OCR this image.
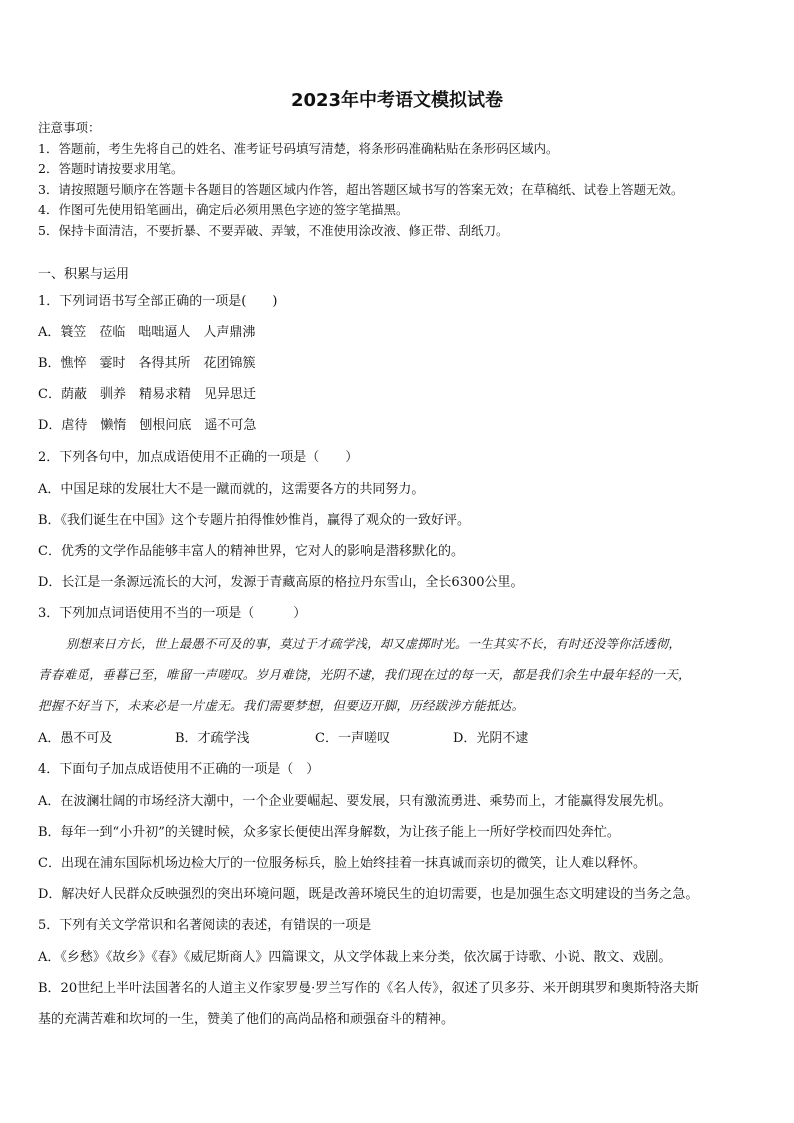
2023年中考语文模拟试卷
注意事项：
1．答题前，考生先将自己的姓名、准考证号码填写清楚，将条形码准确粘贴在条形码区域内。
2．答题时请按要求用笔。
3．请按照题号顺序在答题卡各题目的答题区域内作答，超出答题区域书写的答案无效；在草稿纸、试卷上答题无效。
4．作图可先使用铅笔画出，确定后必须用黑色字迹的签字笔描黑。
5．保持卡面清洁，不要折暴、不要弄破、弄皱，不准使用涂改液、修正带、刮纸刀。
一、积累与运用
1．下列词语书写全部正确的一项是(　　)
A．簑笠　莅临　咄咄逼人　人声鼎沸
B．憔悴　霎时　各得其所　花团锦簇
C．荫蔽　驯养　精易求精　见异思迁
D．虐待　懒惰　刨根问底　遥不可急
2．下列各句中，加点成语使用不正确的一项是（　　）
A．中国足球的发展壮大不是一蹴而就的，这需要各方的共同努力。
B．《我们诞生在中国》这个专题片拍得惟妙惟肖，赢得了观众的一致好评。
C．优秀的文学作品能够丰富人的精神世界，它对人的影响是潜移默化的。
D．长江是一条源远流长的大河，发源于青藏高原的格拉丹东雪山，全长6300公里。
3．下列加点词语使用不当的一项是（　　　）
别想来日方长，世上最愚不可及的事，莫过于才疏学浅，却又虚掷时光。一生其实不长，有时还没等你活透彻，
青春难觅，垂暮已至，唯留一声嗟叹。岁月难饶，光阴不逮，我们现在过的每一天，都是我们余生中最年轻的一天，
把握不好当下，未来必是一片虚无。我们需要梦想，但要迈开脚，历经跋涉方能抵达。
A．愚不可及	B．才疏学浅	C．一声嗟叹	D．光阴不逮
4．下面句子加点成语使用不正确的一项是（　）
A．在波澜壮阔的市场经济大潮中，一个企业要崛起、要发展，只有激流勇进、乘势而上，才能赢得发展先机。
B．每年一到“小升初”的关键时候，众多家长便使出浑身解数，为让孩子能上一所好学校而四处奔忙。
C．出现在浦东国际机场边检大厅的一位服务标兵，脸上始终挂着一抹真诚而亲切的微笑，让人难以释怀。
D．解决好人民群众反映强烈的突出环境问题，既是改善环境民生的迫切需要，也是加强生态文明建设的当务之急。
5．下列有关文学常识和名著阅读的表述，有错误的一项是
A．《乡愁》《故乡》《春》《威尼斯商人》四篇课文，从文学体裁上来分类，依次属于诗歌、小说、散文、戏剧。
B．20世纪上半叶法国著名的人道主义作家罗曼·罗兰写作的《名人传》，叙述了贝多芬、米开朗琪罗和奥斯特洛夫斯
基的充满苦难和坎坷的一生，赞美了他们的高尚品格和顽强奋斗的精神。
